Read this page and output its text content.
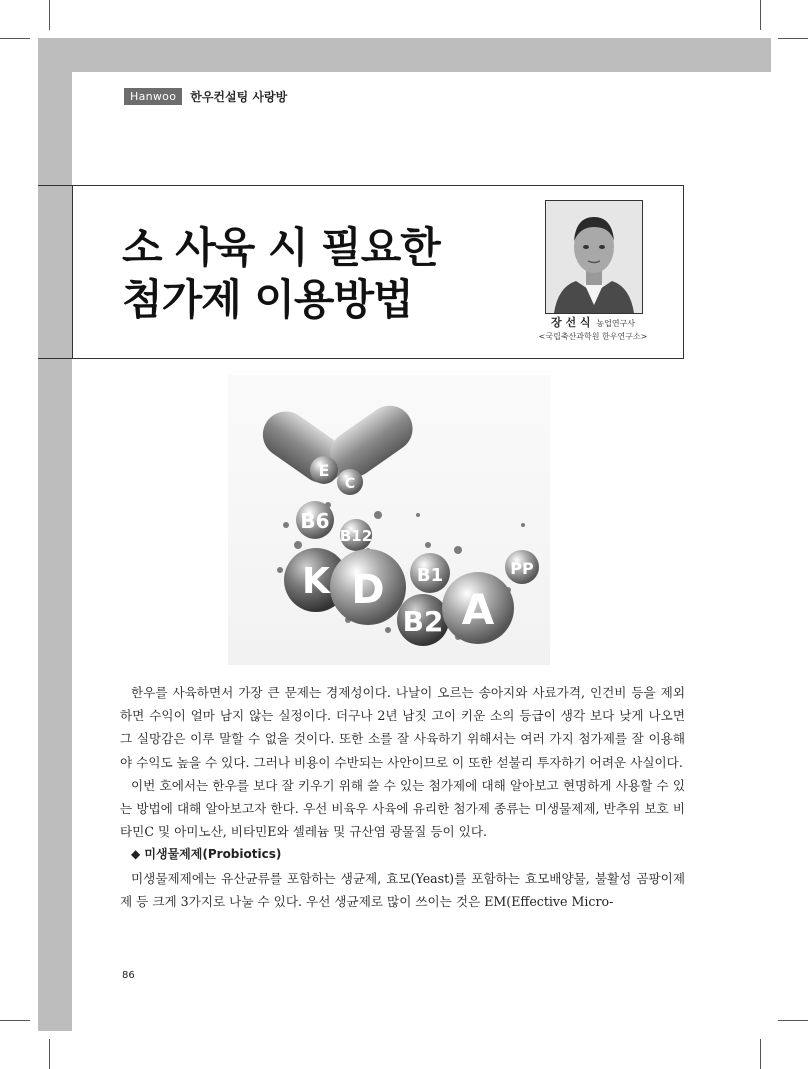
Hanwoo	한우컨설팅 사랑방
소 사육 시 필요한
첨가제 이용방법	장 선 식 농업연구사
<국립축산과학원 한우연구소>
E
C
B6
B12
K D B1
B2 A
PP

한우를 사육하면서 가장 큰 문제는 경제성이다. 나날이 오르는 송아지와 사료가격, 인건비 등을 제외하면 수익이 얼마 남지 않는 실정이다. 더구나 2년 남짓 고이 키운 소의 등급이 생각 보다 낮게 나오면 그 실망감은 이루 말할 수 없을 것이다. 또한 소를 잘 사육하기 위해서는 여러 가지 첨가제를 잘 이용해야 수익도 높을 수 있다. 그러나 비용이 수반되는 사안이므로 이 또한 섣불리 투자하기 어려운 사실이다.

이번 호에서는 한우를 보다 잘 키우기 위해 쓸 수 있는 첨가제에 대해 알아보고 현명하게 사용할 수 있는 방법에 대해 알아보고자 한다. 우선 비육우 사육에 유리한 첨가제 종류는 미생물제제, 반추위 보호 비타민C 및 아미노산, 비타민E와 셀레늄 및 규산염 광물질 등이 있다.

◆ 미생물제제(Probiotics)

미생물제제에는 유산균류를 포함하는 생균제, 효모(Yeast)를 포함하는 효모배양물, 불활성 곰팡이제제 등 크게 3가지로 나눌 수 있다. 우선 생균제로 많이 쓰이는 것은 EM(Effective Micro-

86
